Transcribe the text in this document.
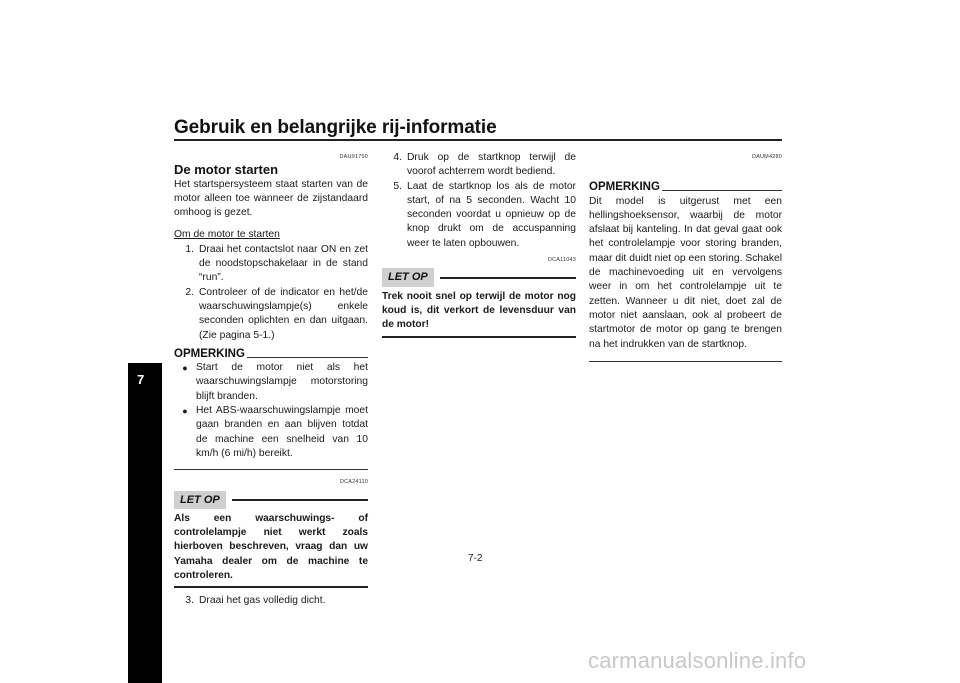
Gebruik en belangrijke rij-informatie
7
DAU91750
De motor starten
Het startspersysteem staat starten van de motor alleen toe wanneer de zijstandaard omhoog is gezet.
Om de motor te starten
1. Draai het contactslot naar ON en zet de noodstopschakelaar in de stand “run”.
2. Controleer of de indicator en het/de waarschuwingslampje(s) enkele seconden oplichten en dan uitgaan. (Zie pagina 5-1.)
OPMERKING
● Start de motor niet als het waarschuwingslampje motorstoring blijft branden.
● Het ABS-waarschuwingslampje moet gaan branden en aan blijven totdat de machine een snelheid van 10 km/h (6 mi/h) bereikt.
DCA24110
LET OP
Als een waarschuwings- of controlelampje niet werkt zoals hierboven beschreven, vraag dan uw Yamaha dealer om de machine te controleren.
3. Draai het gas volledig dicht.
4. Druk op de startknop terwijl de voorof achterrem wordt bediend.
5. Laat de startknop los als de motor start, of na 5 seconden. Wacht 10 seconden voordat u opnieuw op de knop drukt om de accuspanning weer te laten opbouwen.
DCA11043
LET OP
Trek nooit snel op terwijl de motor nog koud is, dit verkort de levensduur van de motor!
DAUM4280
OPMERKING
Dit model is uitgerust met een hellingshoeksensor, waarbij de motor afslaat bij kanteling. In dat geval gaat ook het controlelampje voor storing branden, maar dit duidt niet op een storing. Schakel de machinevoeding uit en vervolgens weer in om het controlelampje uit te zetten. Wanneer u dit niet, doet zal de motor niet aanslaan, ook al probeert de startmotor de motor op gang te brengen na het indrukken van de startknop.
7-2
carmanualsonline.info
